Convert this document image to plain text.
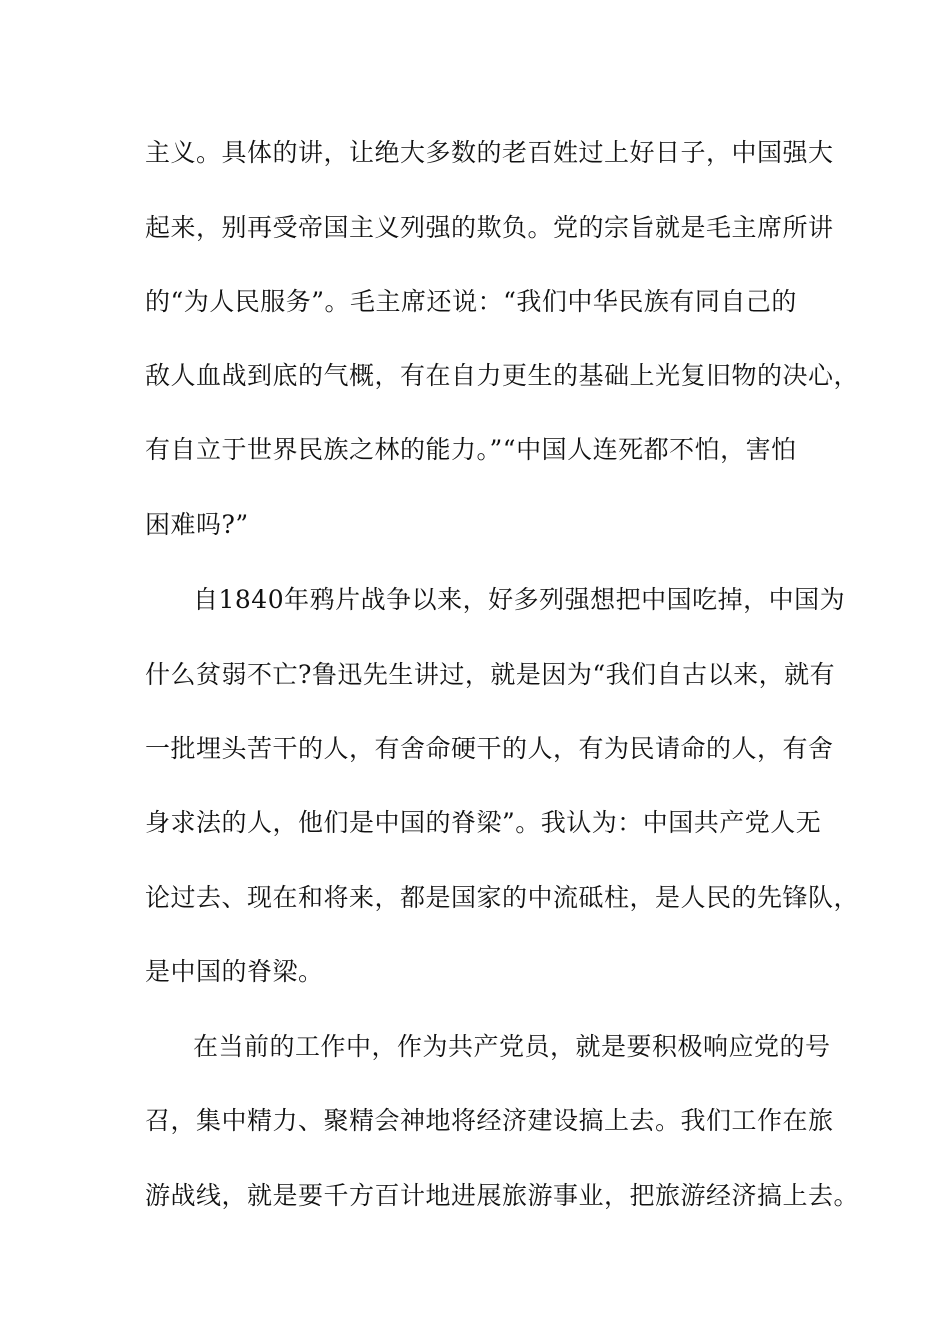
主义。具体的讲，让绝大多数的老百姓过上好日子，中国强大
起来，别再受帝国主义列强的欺负。党的宗旨就是毛主席所讲
的“为人民服务”。毛主席还说：“我们中华民族有同自己的
敌人血战到底的气概，有在自力更生的基础上光复旧物的决心，
有自立于世界民族之林的能力。”“中国人连死都不怕，害怕
困难吗?”
自1840年鸦片战争以来，好多列强想把中国吃掉，中国为
什么贫弱不亡?鲁迅先生讲过，就是因为“我们自古以来，就有
一批埋头苦干的人，有舍命硬干的人，有为民请命的人，有舍
身求法的人，他们是中国的脊梁”。我认为：中国共产党人无
论过去、现在和将来，都是国家的中流砥柱，是人民的先锋队，
是中国的脊梁。
在当前的工作中，作为共产党员，就是要积极响应党的号
召，集中精力、聚精会神地将经济建设搞上去。我们工作在旅
游战线，就是要千方百计地进展旅游事业，把旅游经济搞上去。
